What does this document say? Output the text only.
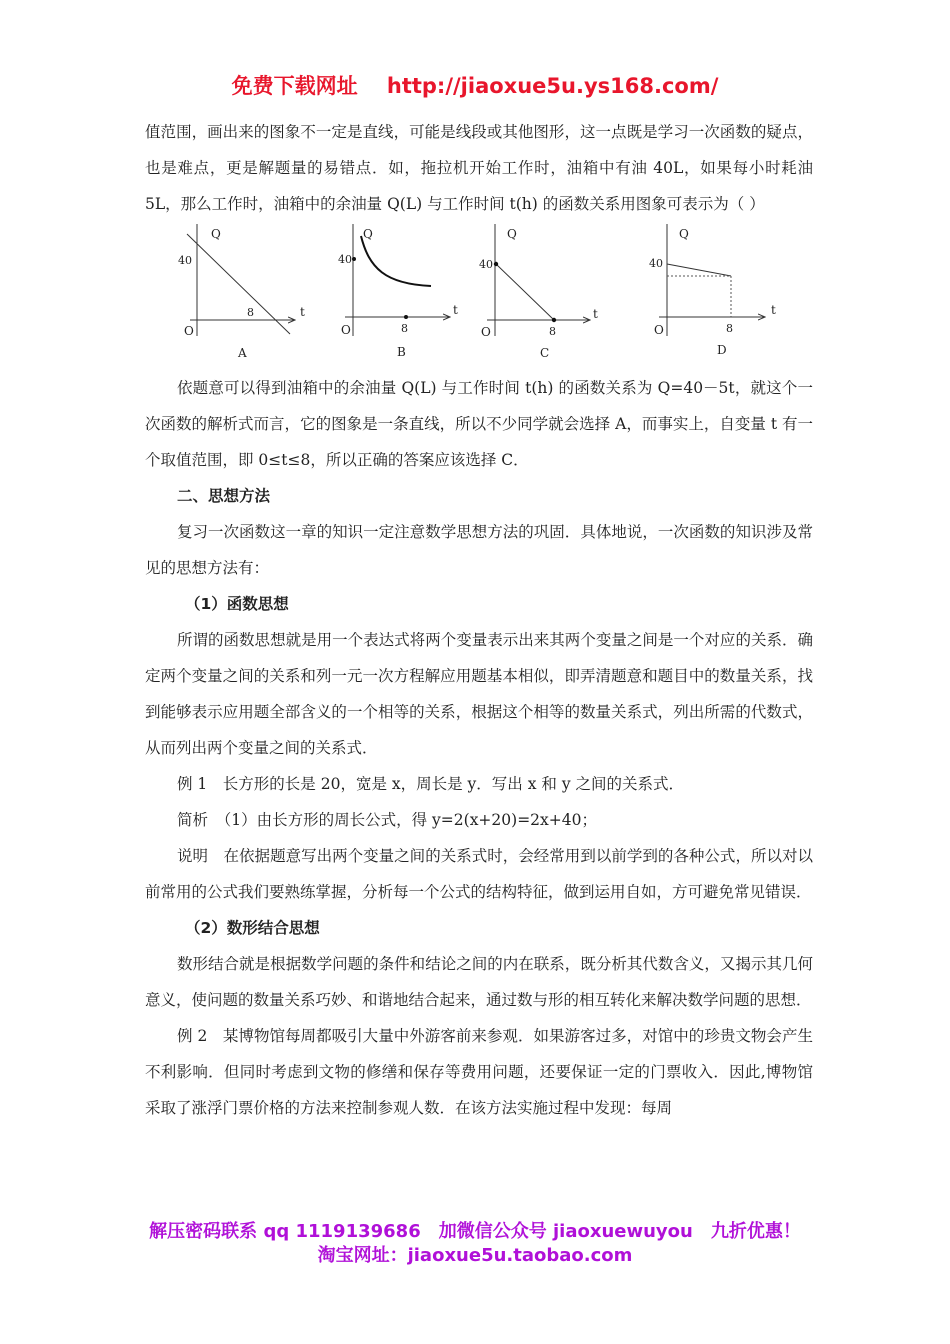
免费下载网址 http://jiaoxue5u.ys168.com/

值范围，画出来的图象不一定是直线，可能是线段或其他图形，这一点既是学习一次函数的疑点，也是难点，更是解题量的易错点．如，拖拉机开始工作时，油箱中有油 40L，如果每小时耗油 5L，那么工作时，油箱中的余油量 Q(L) 与工作时间 t(h) 的函数关系用图象可表示为（ ）

Q
t
40
O
8
A
Q
t
40
O	8
B
Q
t
40
O	8
C
Q
t
40
O	8
D

依题意可以得到油箱中的余油量 Q(L) 与工作时间 t(h) 的函数关系为 Q=40－5t，就这个一次函数的解析式而言，它的图象是一条直线，所以不少同学就会选择 A，而事实上，自变量 t 有一个取值范围，即 0≤t≤8，所以正确的答案应该选择 C．

二、思想方法

复习一次函数这一章的知识一定注意数学思想方法的巩固．具体地说，一次函数的知识涉及常见的思想方法有：

（1）函数思想

所谓的函数思想就是用一个表达式将两个变量表示出来其两个变量之间是一个对应的关系．确定两个变量之间的关系和列一元一次方程解应用题基本相似，即弄清题意和题目中的数量关系，找到能够表示应用题全部含义的一个相等的关系，根据这个相等的数量关系式，列出所需的代数式，从而列出两个变量之间的关系式．

例 1　长方形的长是 20，宽是 x，周长是 y．写出 x 和 y 之间的关系式．

简析　（1）由长方形的周长公式，得 y=2(x+20)=2x+40；

说明　在依据题意写出两个变量之间的关系式时，会经常用到以前学到的各种公式，所以对以前常用的公式我们要熟练掌握，分析每一个公式的结构特征，做到运用自如，方可避免常见错误．

（2）数形结合思想

数形结合就是根据数学问题的条件和结论之间的内在联系，既分析其代数含义，又揭示其几何意义，使问题的数量关系巧妙、和谐地结合起来，通过数与形的相互转化来解决数学问题的思想．

例 2　某博物馆每周都吸引大量中外游客前来参观．如果游客过多，对馆中的珍贵文物会产生不利影响．但同时考虑到文物的修缮和保存等费用问题，还要保证一定的门票收入．因此,博物馆采取了涨浮门票价格的方法来控制参观人数．在该方法实施过程中发现：每周

解压密码联系 qq 1119139686　加微信公众号 jiaoxuewuyou　九折优惠！
淘宝网址：jiaoxue5u.taobao.com
